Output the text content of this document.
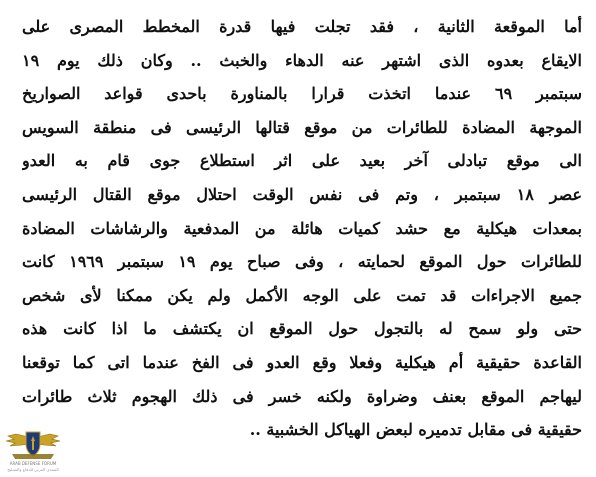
أما الموقعة الثانية ، فقد تجلت فيها قدرة المخطط المصرى على
الايقاع بعدوه الذى اشتهر عنه الدهاء والخبث .. وكان ذلك يوم ١٩
سبتمبر ٦٩ عندما اتخذت قرارا بالمناورة باحدى قواعد الصواريخ
الموجهة المضادة للطائرات من موقع قتالها الرئيسى فى منطقة السويس
الى موقع تبادلى آخر بعيد على اثر استطلاع جوى قام به العدو
عصر ١٨ سبتمبر ، وتم فى نفس الوقت احتلال موقع القتال الرئيسى
بمعدات هيكلية مع حشد كميات هائلة من المدفعية والرشاشات المضادة
للطائرات حول الموقع لحمايته ، وفى صباح يوم ١٩ سبتمبر ١٩٦٩ كانت
جميع الاجراءات قد تمت على الوجه الأكمل ولم يكن ممكنا لأى شخص
حتى ولو سمح له بالتجول حول الموقع ان يكتشف ما اذا كانت هذه
القاعدة حقيقية أم هيكلية وفعلا وقع العدو فى الفخ عندما اتى كما توقعنا
ليهاجم الموقع بعنف وضراوة ولكنه خسر فى ذلك الهجوم ثلاث طائرات
حقيقية فى مقابل تدميره لبعض الهياكل الخشبية ..
ARAB DEFENSE FORUM
المنتدى العربي للدفاع والتسليح
